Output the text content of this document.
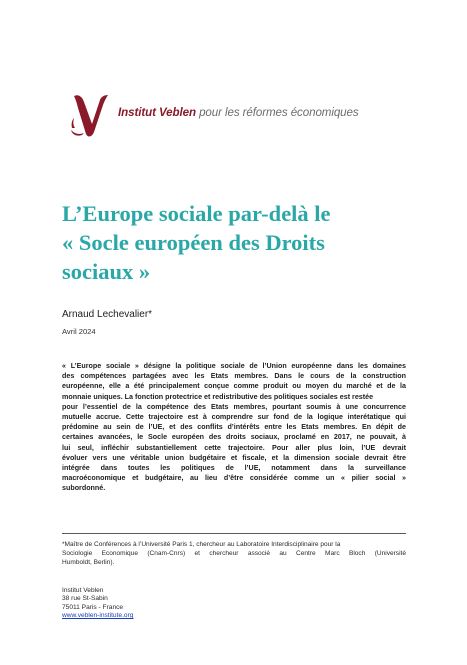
Institut Veblen pour les réformes économiques
L’Europe sociale par-delà le
« Socle européen des Droits
sociaux »
Arnaud Lechevalier*
Avril 2024

« L’Europe sociale » désigne la politique sociale de l’Union européenne dans les domaines
des compétences partagées avec les Etats membres. Dans le cours de la construction
européenne, elle a été principalement conçue comme produit ou moyen du marché et de la
monnaie uniques. La fonction protectrice et redistributive des politiques sociales est restée
pour l’essentiel de la compétence des Etats membres, pourtant soumis à une concurrence
mutuelle accrue. Cette trajectoire est à comprendre sur fond de la logique interétatique qui
prédomine au sein de l’UE, et des conflits d’intérêts entre les Etats membres. En dépit de
certaines avancées, le Socle européen des droits sociaux, proclamé en 2017, ne pouvait, à
lui seul, infléchir substantiellement cette trajectoire. Pour aller plus loin, l’UE devrait
évoluer vers une véritable union budgétaire et fiscale, et la dimension sociale devrait être
intégrée dans toutes les politiques de l’UE, notamment dans la surveillance
macroéconomique et budgétaire, au lieu d’être considérée comme un « pilier social »
subordonné.

*Maître de Conférences à l’Université Paris 1, chercheur au Laboratoire Interdisciplinaire pour la
Sociologie Economique (Cnam-Cnrs) et chercheur associé au Centre Marc Bloch (Université
Humboldt, Berlin).

Institut Veblen
38 rue St-Sabin
75011 Paris - France
www.veblen-institute.org
